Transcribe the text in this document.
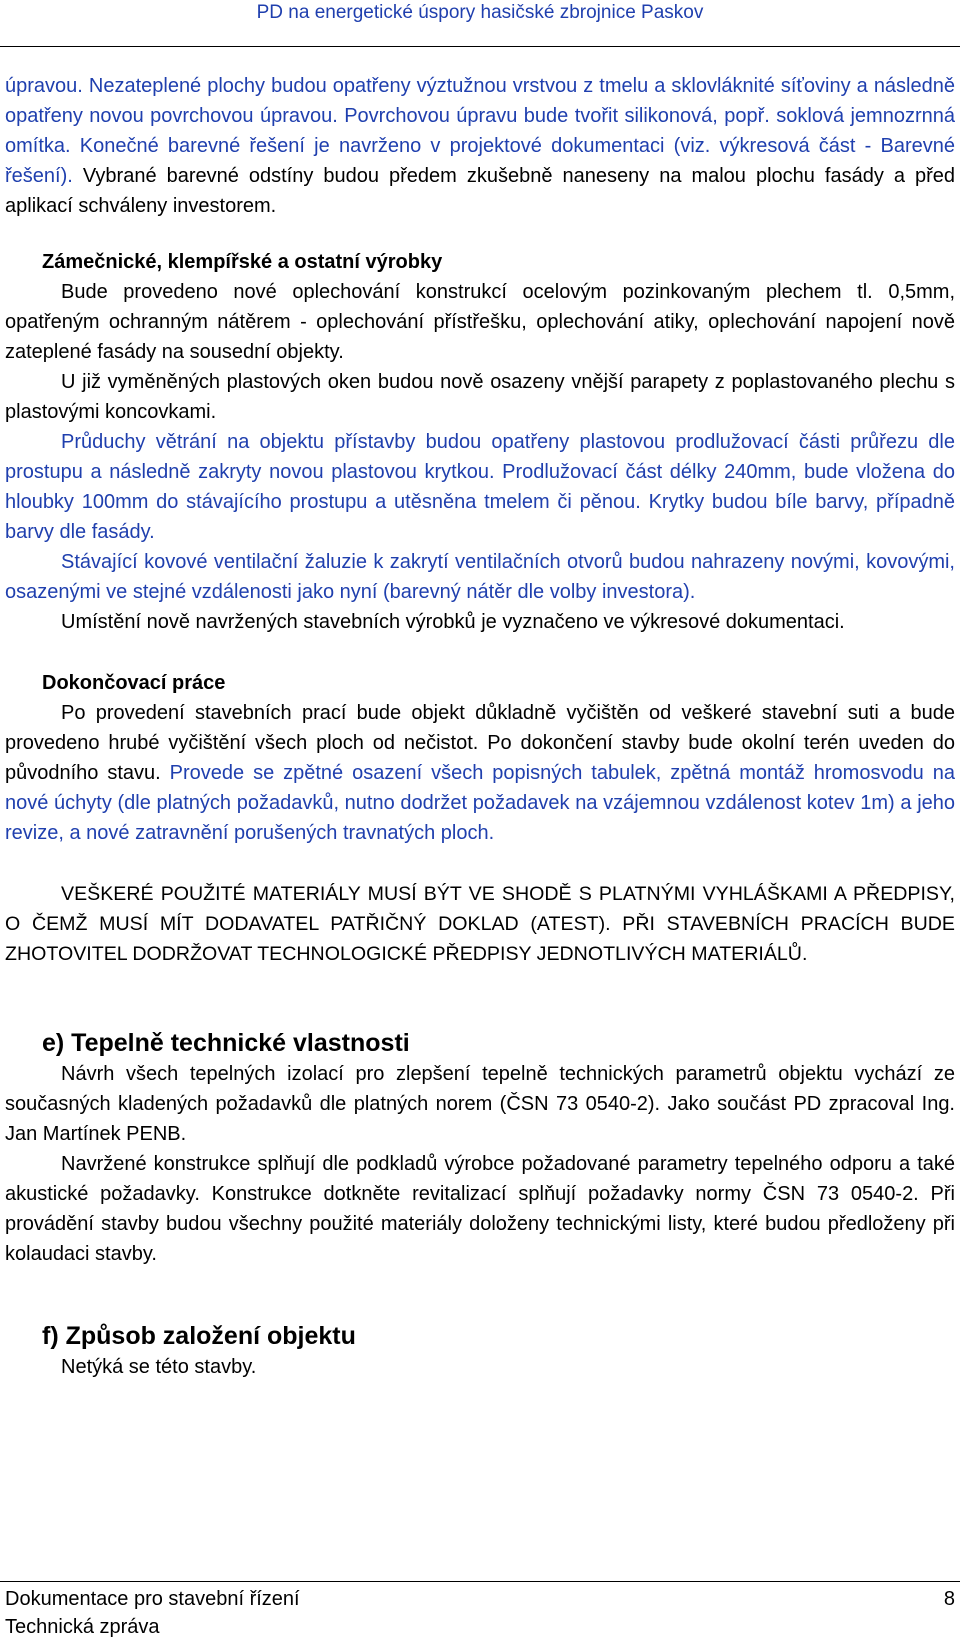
PD na energetické úspory hasičské zbrojnice Paskov

úpravou. Nezateplené plochy budou opatřeny výztužnou vrstvou z tmelu a sklovláknité síťoviny a následně opatřeny novou povrchovou úpravou. Povrchovou úpravu bude tvořit silikonová, popř. soklová jemnozrnná omítka. Konečné barevné řešení je navrženo v projektové dokumentaci (viz. výkresová část - Barevné řešení). Vybrané barevné odstíny budou předem zkušebně naneseny na malou plochu fasády a před aplikací schváleny investorem.

Zámečnické, klempířské a ostatní výrobky

Bude provedeno nové oplechování konstrukcí ocelovým pozinkovaným plechem tl. 0,5mm, opatřeným ochranným nátěrem - oplechování přístřešku, oplechování atiky, oplechování napojení nově zateplené fasády na sousední objekty.

U již vyměněných plastových oken budou nově osazeny vnější parapety z poplastovaného plechu s plastovými koncovkami.

Průduchy větrání na objektu přístavby budou opatřeny plastovou prodlužovací části průřezu dle prostupu a následně zakryty novou plastovou krytkou. Prodlužovací část délky 240mm, bude vložena do hloubky 100mm do stávajícího prostupu a utěsněna tmelem či pěnou. Krytky budou bíle barvy, případně barvy dle fasády.

Stávající kovové ventilační žaluzie k zakrytí ventilačních otvorů budou nahrazeny novými, kovovými, osazenými ve stejné vzdálenosti jako nyní (barevný nátěr dle volby investora).

Umístění nově navržených stavebních výrobků je vyznačeno ve výkresové dokumentaci.

Dokončovací práce

Po provedení stavebních prací bude objekt důkladně vyčištěn od veškeré stavební suti a bude provedeno hrubé vyčištění všech ploch od nečistot. Po dokončení stavby bude okolní terén uveden do původního stavu. Provede se zpětné osazení všech popisných tabulek, zpětná montáž hromosvodu na nové úchyty (dle platných požadavků, nutno dodržet požadavek na vzájemnou vzdálenost kotev 1m) a jeho revize, a nové zatravnění porušených travnatých ploch.

VEŠKERÉ POUŽITÉ MATERIÁLY MUSÍ BÝT VE SHODĚ S PLATNÝMI VYHLÁŠKAMI A PŘEDPISY, O ČEMŽ MUSÍ MÍT DODAVATEL PATŘIČNÝ DOKLAD (ATEST). PŘI STAVEBNÍCH PRACÍCH BUDE ZHOTOVITEL DODRŽOVAT TECHNOLOGICKÉ PŘEDPISY JEDNOTLIVÝCH MATERIÁLŮ.

e) Tepelně technické vlastnosti

Návrh všech tepelných izolací pro zlepšení tepelně technických parametrů objektu vychází ze současných kladených požadavků dle platných norem (ČSN 73 0540-2). Jako součást PD zpracoval Ing. Jan Martínek PENB.

Navržené konstrukce splňují dle podkladů výrobce požadované parametry tepelného odporu a také akustické požadavky. Konstrukce dotkněte revitalizací splňují požadavky normy ČSN 73 0540-2. Při provádění stavby budou všechny použité materiály doloženy technickými listy, které budou předloženy při kolaudaci stavby.

f) Způsob založení objektu

Netýká se této stavby.

Dokumentace pro stavební řízení	8
Technická zpráva
